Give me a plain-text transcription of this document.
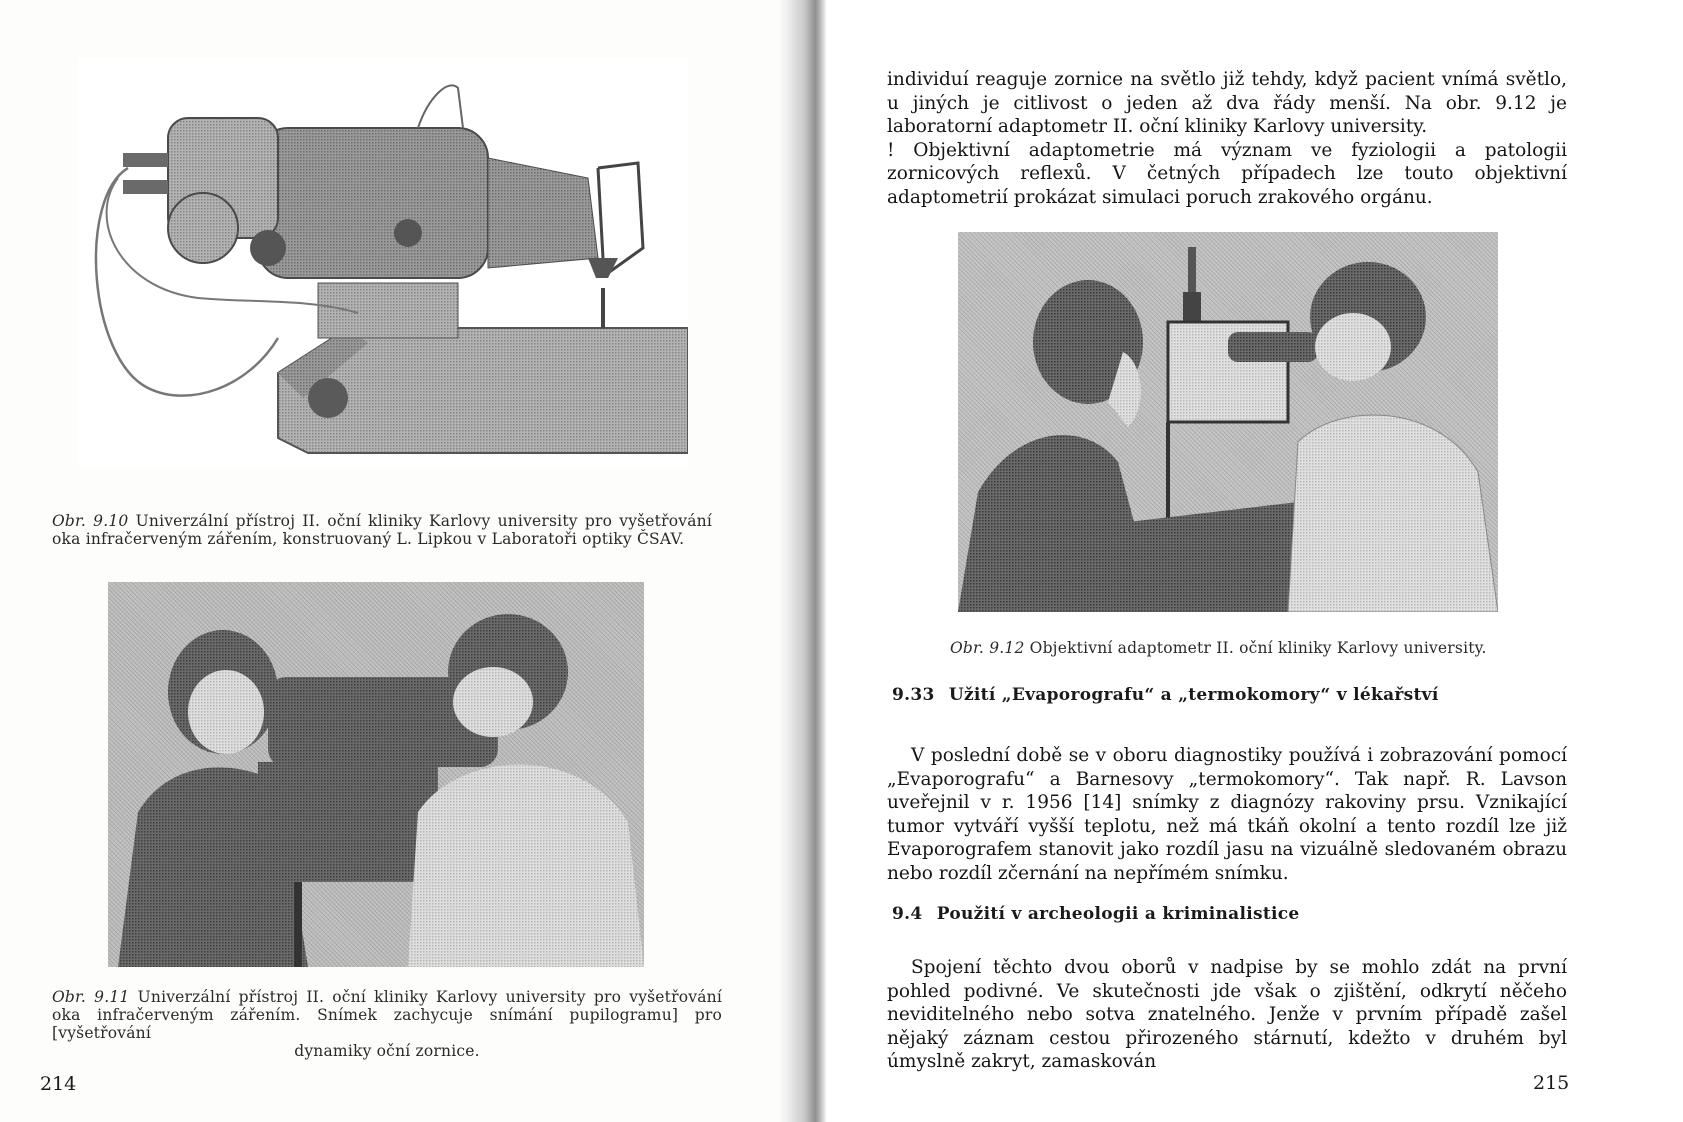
Obr. 9.10 Univerzální přístroj II. oční kliniky Karlovy university pro vyšetřování oka infračerveným zářením, konstruovaný L. Lipkou v Laboratoři optiky ČSAV.
Obr. 9.11 Univerzální přístroj II. oční kliniky Karlovy university pro vyšetřování oka infračerveným zářením. Snímek zachycuje snímání pupilogramu] pro [vyšetřování
dynamiky oční zornice.
214

individuí reaguje zornice na světlo již tehdy, když pacient vnímá světlo, u jiných je citlivost o jeden až dva řády menší. Na obr. 9.12 je laboratorní adaptometr II. oční kliniky Karlovy university.

! Objektivní adaptometrie má význam ve fyziologii a patologii zornicových reflexů. V četných případech lze touto objektivní adaptometrií prokázat simulaci poruch zrakového orgánu.

Obr. 9.12 Objektivní adaptometr II. oční kliniky Karlovy university.
9.33 Užití „Evaporografu“ a „termokomory“ v lékařství

V poslední době se v oboru diagnostiky používá i zobrazování pomocí „Evaporografu“ a Barnesovy „termokomory“. Tak např. R. Lavson uveřejnil v r. 1956 [14] snímky z diagnózy rakoviny prsu. Vznikající tumor vytváří vyšší teplotu, než má tkáň okolní a tento rozdíl lze již Evaporografem stanovit jako rozdíl jasu na vizuálně sledovaném obrazu nebo rozdíl zčernání na nepřímém snímku.

9.4 Použití v archeologii a kriminalistice

Spojení těchto dvou oborů v nadpise by se mohlo zdát na první pohled podivné. Ve skutečnosti jde však o zjištění, odkrytí něčeho neviditelného nebo sotva znatelného. Jenže v prvním případě zašel nějaký záznam cestou přirozeného stárnutí, kdežto v druhém byl úmyslně zakryt, zamaskován

215
